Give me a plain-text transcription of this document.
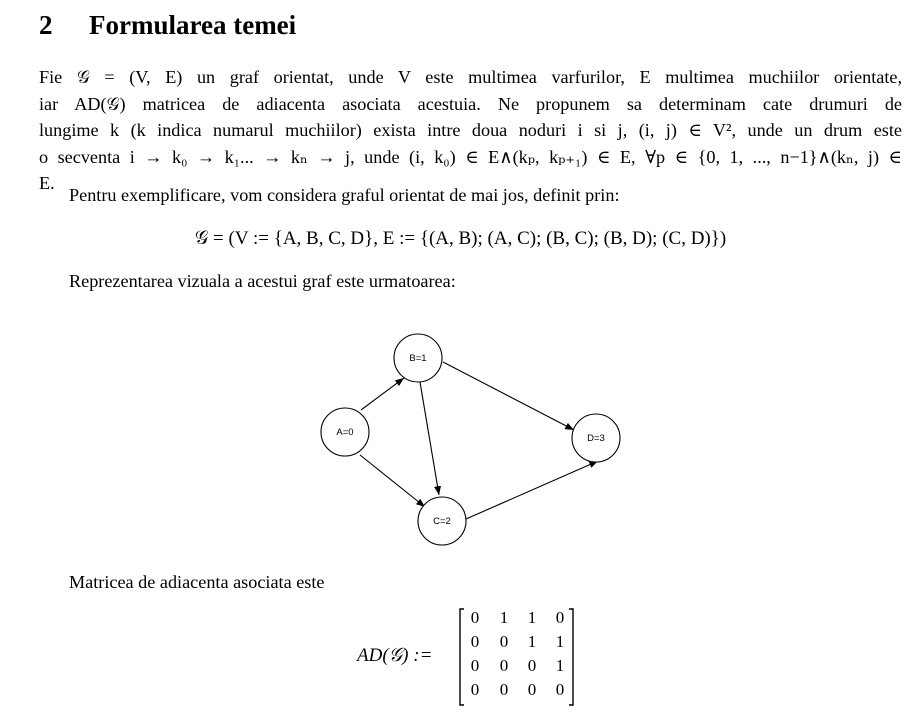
2 Formularea temei
Fie 𝒢 = (V, E) un graf orientat, unde V este multimea varfurilor, E multimea muchiilor orientate,
iar AD(𝒢) matricea de adiacenta asociata acestuia. Ne propunem sa determinam cate drumuri de
lungime k (k indica numarul muchiilor) exista intre doua noduri i si j, (i, j) ∈ V², unde un drum este
o secventa i → k₀ → k₁... → kₙ → j, unde (i, k₀) ∈ E∧(kₚ, kₚ₊₁) ∈ E, ∀p ∈ {0, 1, ..., n−1}∧(kₙ, j) ∈
E.
Pentru exemplificare, vom considera graful orientat de mai jos, definit prin:
𝒢 = (V := {A, B, C, D}, E := {(A, B); (A, C); (B, C); (B, D); (C, D)})
Reprezentarea vizuala a acestui graf este urmatoarea:
A=0
B=1
C=2
D=3
Matricea de adiacenta asociata este
AD(𝒢) :=
0	1	1	0
0	0	1	1
0	0	0	1
0	0	0	0
